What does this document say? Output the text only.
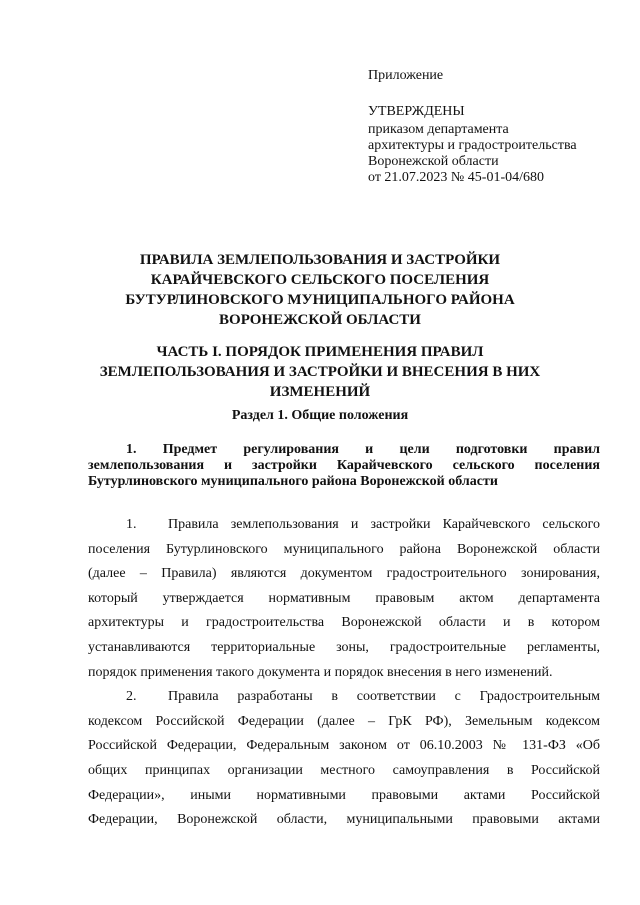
Приложение
УТВЕРЖДЕНЫ
приказом департамента
архитектуры и градостроительства
Воронежской области
от 21.07.2023 № 45-01-04/680
ПРАВИЛА ЗЕМЛЕПОЛЬЗОВАНИЯ И ЗАСТРОЙКИ
КАРАЙЧЕВСКОГО СЕЛЬСКОГО ПОСЕЛЕНИЯ
БУТУРЛИНОВСКОГО МУНИЦИПАЛЬНОГО РАЙОНА
ВОРОНЕЖСКОЙ ОБЛАСТИ
ЧАСТЬ I. ПОРЯДОК ПРИМЕНЕНИЯ ПРАВИЛ
ЗЕМЛЕПОЛЬЗОВАНИЯ И ЗАСТРОЙКИ И ВНЕСЕНИЯ В НИХ
ИЗМЕНЕНИЙ
Раздел 1. Общие положения
1. Предмет регулирования и цели подготовки правил
землепользования и застройки Карайчевского сельского поселения
Бутурлиновского муниципального района Воронежской области
1. Правила землепользования и застройки Карайчевского сельского
поселения Бутурлиновского муниципального района Воронежской области
(далее – Правила) являются документом градостроительного зонирования,
который утверждается нормативным правовым актом департамента
архитектуры и градостроительства Воронежской области и в котором
устанавливаются территориальные зоны, градостроительные регламенты,
порядок применения такого документа и порядок внесения в него изменений.
2. Правила разработаны в соответствии с Градостроительным
кодексом Российской Федерации (далее – ГрК РФ), Земельным кодексом
Российской Федерации, Федеральным законом от 06.10.2003 № 131-ФЗ «Об
общих принципах организации местного самоуправления в Российской
Федерации», иными нормативными правовыми актами Российской
Федерации, Воронежской области, муниципальными правовыми актами
